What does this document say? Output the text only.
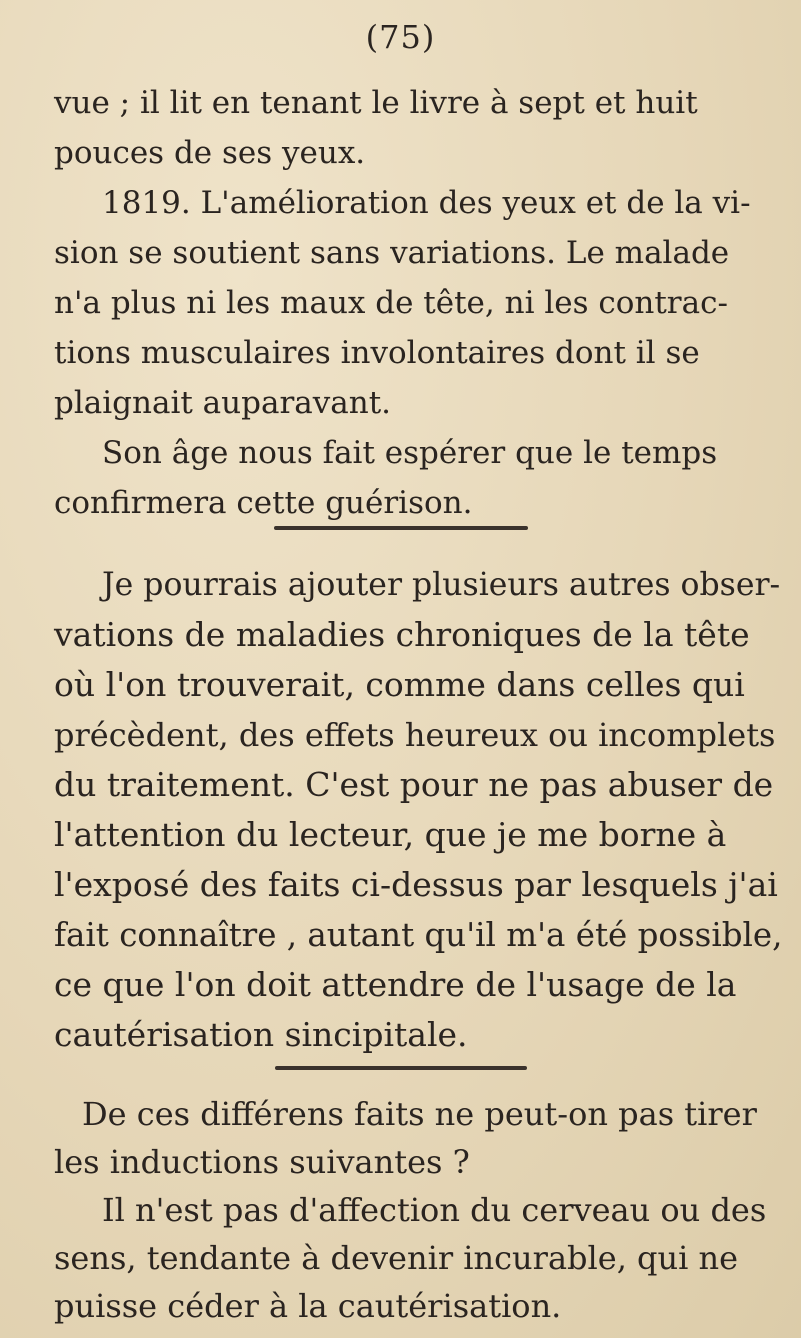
(75)
vue ; il lit en tenant le livre à sept et huit
pouces de ses yeux.
1819. L'amélioration des yeux et de la vi-
sion se soutient sans variations. Le malade
n'a plus ni les maux de tête, ni les contrac-
tions musculaires involontaires dont il se
plaignait auparavant.
Son âge nous fait espérer que le temps
confirmera cette guérison.
Je pourrais ajouter plusieurs autres obser-
vations de maladies chroniques de la tête
où l'on trouverait, comme dans celles qui
précèdent, des effets heureux ou incomplets
du traitement. C'est pour ne pas abuser de
l'attention du lecteur, que je me borne à
l'exposé des faits ci-dessus par lesquels j'ai
fait connaître , autant qu'il m'a été possible,
ce que l'on doit attendre de l'usage de la
cautérisation sincipitale.
De ces différens faits ne peut-on pas tirer
les inductions suivantes ?
Il n'est pas d'affection du cerveau ou des
sens, tendante à devenir incurable, qui ne
puisse céder à la cautérisation.
